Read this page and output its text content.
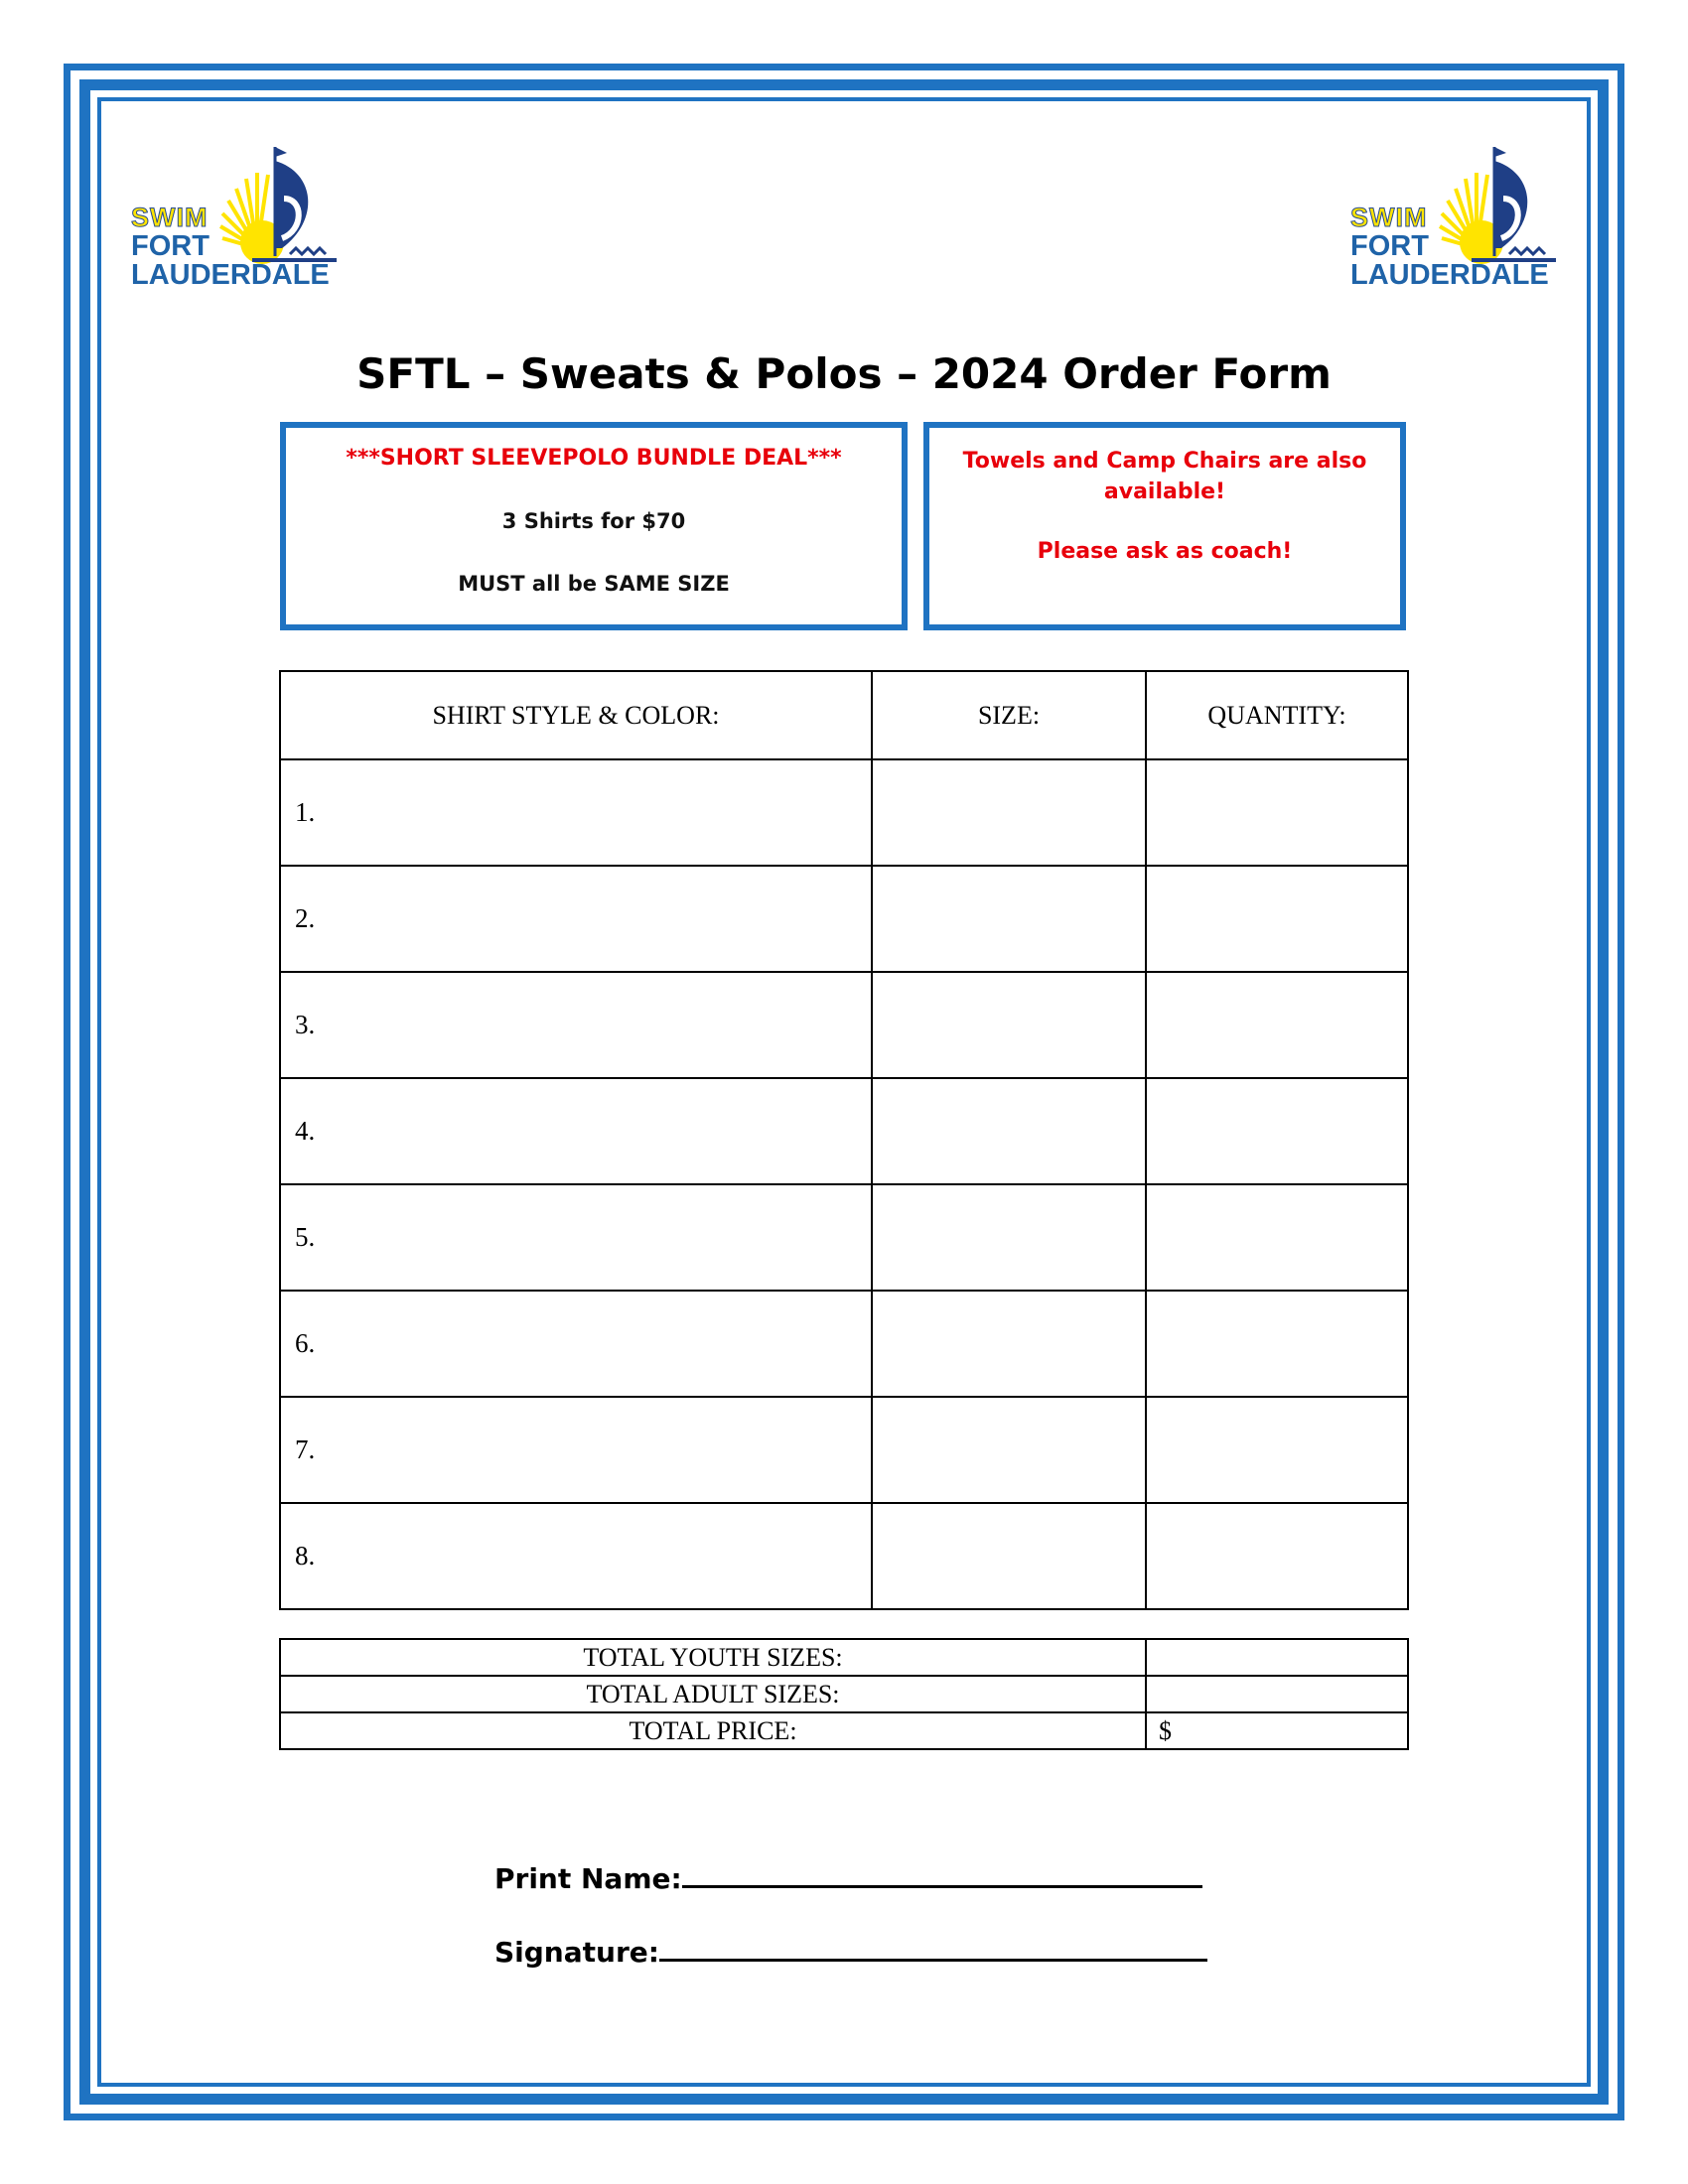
SWIM
FORT
LAUDERDALE
SWIM
FORT
LAUDERDALE
SFTL – Sweats & Polos – 2024 Order Form
***SHORT SLEEVEPOLO BUNDLE DEAL***
3 Shirts for $70
MUST all be SAME SIZE
Towels and Camp Chairs are also available!
Please ask as coach!
SHIRT STYLE & COLOR:	SIZE:	QUANTITY:
1.		
2.		
3.		
4.		
5.		
6.		
7.		
8.		
TOTAL YOUTH SIZES:	
TOTAL ADULT SIZES:	
TOTAL PRICE:	$
Print Name:
Signature:
